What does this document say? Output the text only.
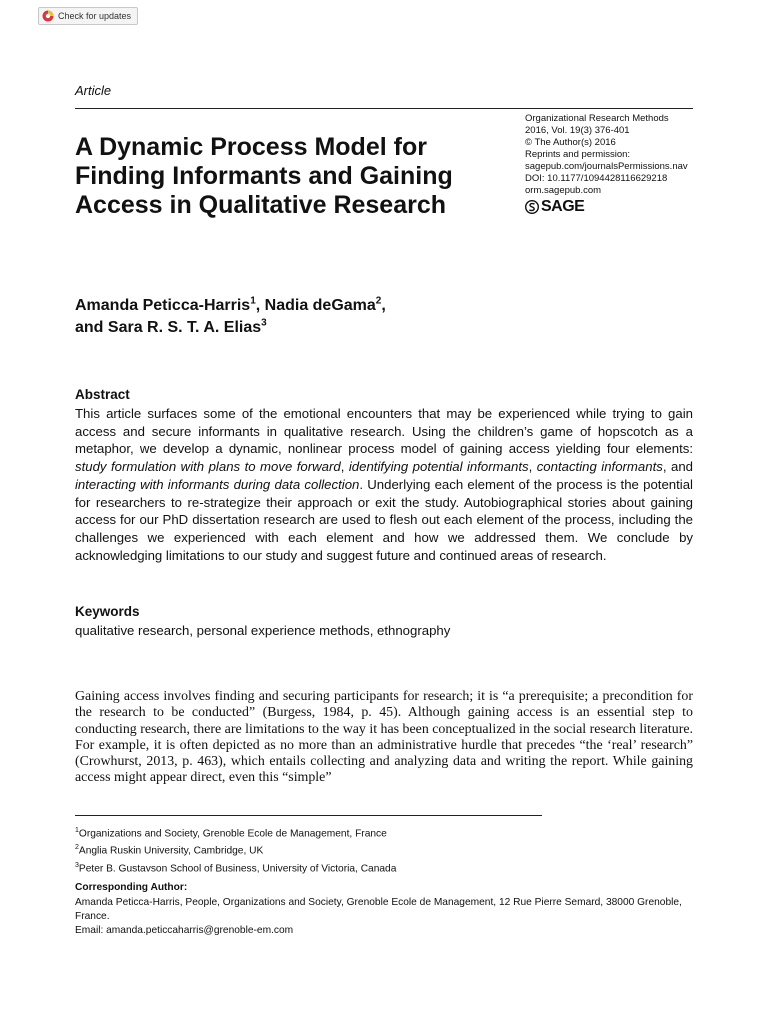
Check for updates
Article
A Dynamic Process Model for Finding Informants and Gaining Access in Qualitative Research
Organizational Research Methods
2016, Vol. 19(3) 376-401
© The Author(s) 2016
Reprints and permission:
sagepub.com/journalsPermissions.nav
DOI: 10.1177/1094428116629218
orm.sagepub.com
SAGE
Amanda Peticca-Harris$^1$, Nadia deGama$^2$,
and Sara R. S. T. A. Elias$^3$
Abstract

This article surfaces some of the emotional encounters that may be experienced while trying to gain access and secure informants in qualitative research. Using the children’s game of hopscotch as a metaphor, we develop a dynamic, nonlinear process model of gaining access yielding four elements: study formulation with plans to move forward, identifying potential informants, contacting informants, and interacting with informants during data collection. Underlying each element of the process is the potential for researchers to re-strategize their approach or exit the study. Autobiographical stories about gaining access for our PhD dissertation research are used to flesh out each element of the process, including the challenges we experienced with each element and how we addressed them. We conclude by acknowledging limitations to our study and suggest future and continued areas of research.

Keywords
qualitative research, personal experience methods, ethnography

Gaining access involves finding and securing participants for research; it is “a prerequisite; a precondition for the research to be conducted” (Burgess, 1984, p. 45). Although gaining access is an essential step to conducting research, there are limitations to the way it has been conceptualized in the social research literature. For example, it is often depicted as no more than an administrative hurdle that precedes “the ‘real’ research” (Crowhurst, 2013, p. 463), which entails collecting and analyzing data and writing the report. While gaining access might appear direct, even this “simple”

$^1$Organizations and Society, Grenoble Ecole de Management, France
$^2$Anglia Ruskin University, Cambridge, UK
$^3$Peter B. Gustavson School of Business, University of Victoria, Canada
Corresponding Author:
Amanda Peticca-Harris, People, Organizations and Society, Grenoble Ecole de Management, 12 Rue Pierre Semard, 38000 Grenoble, France.
Email: amanda.peticcaharris@grenoble-em.com
